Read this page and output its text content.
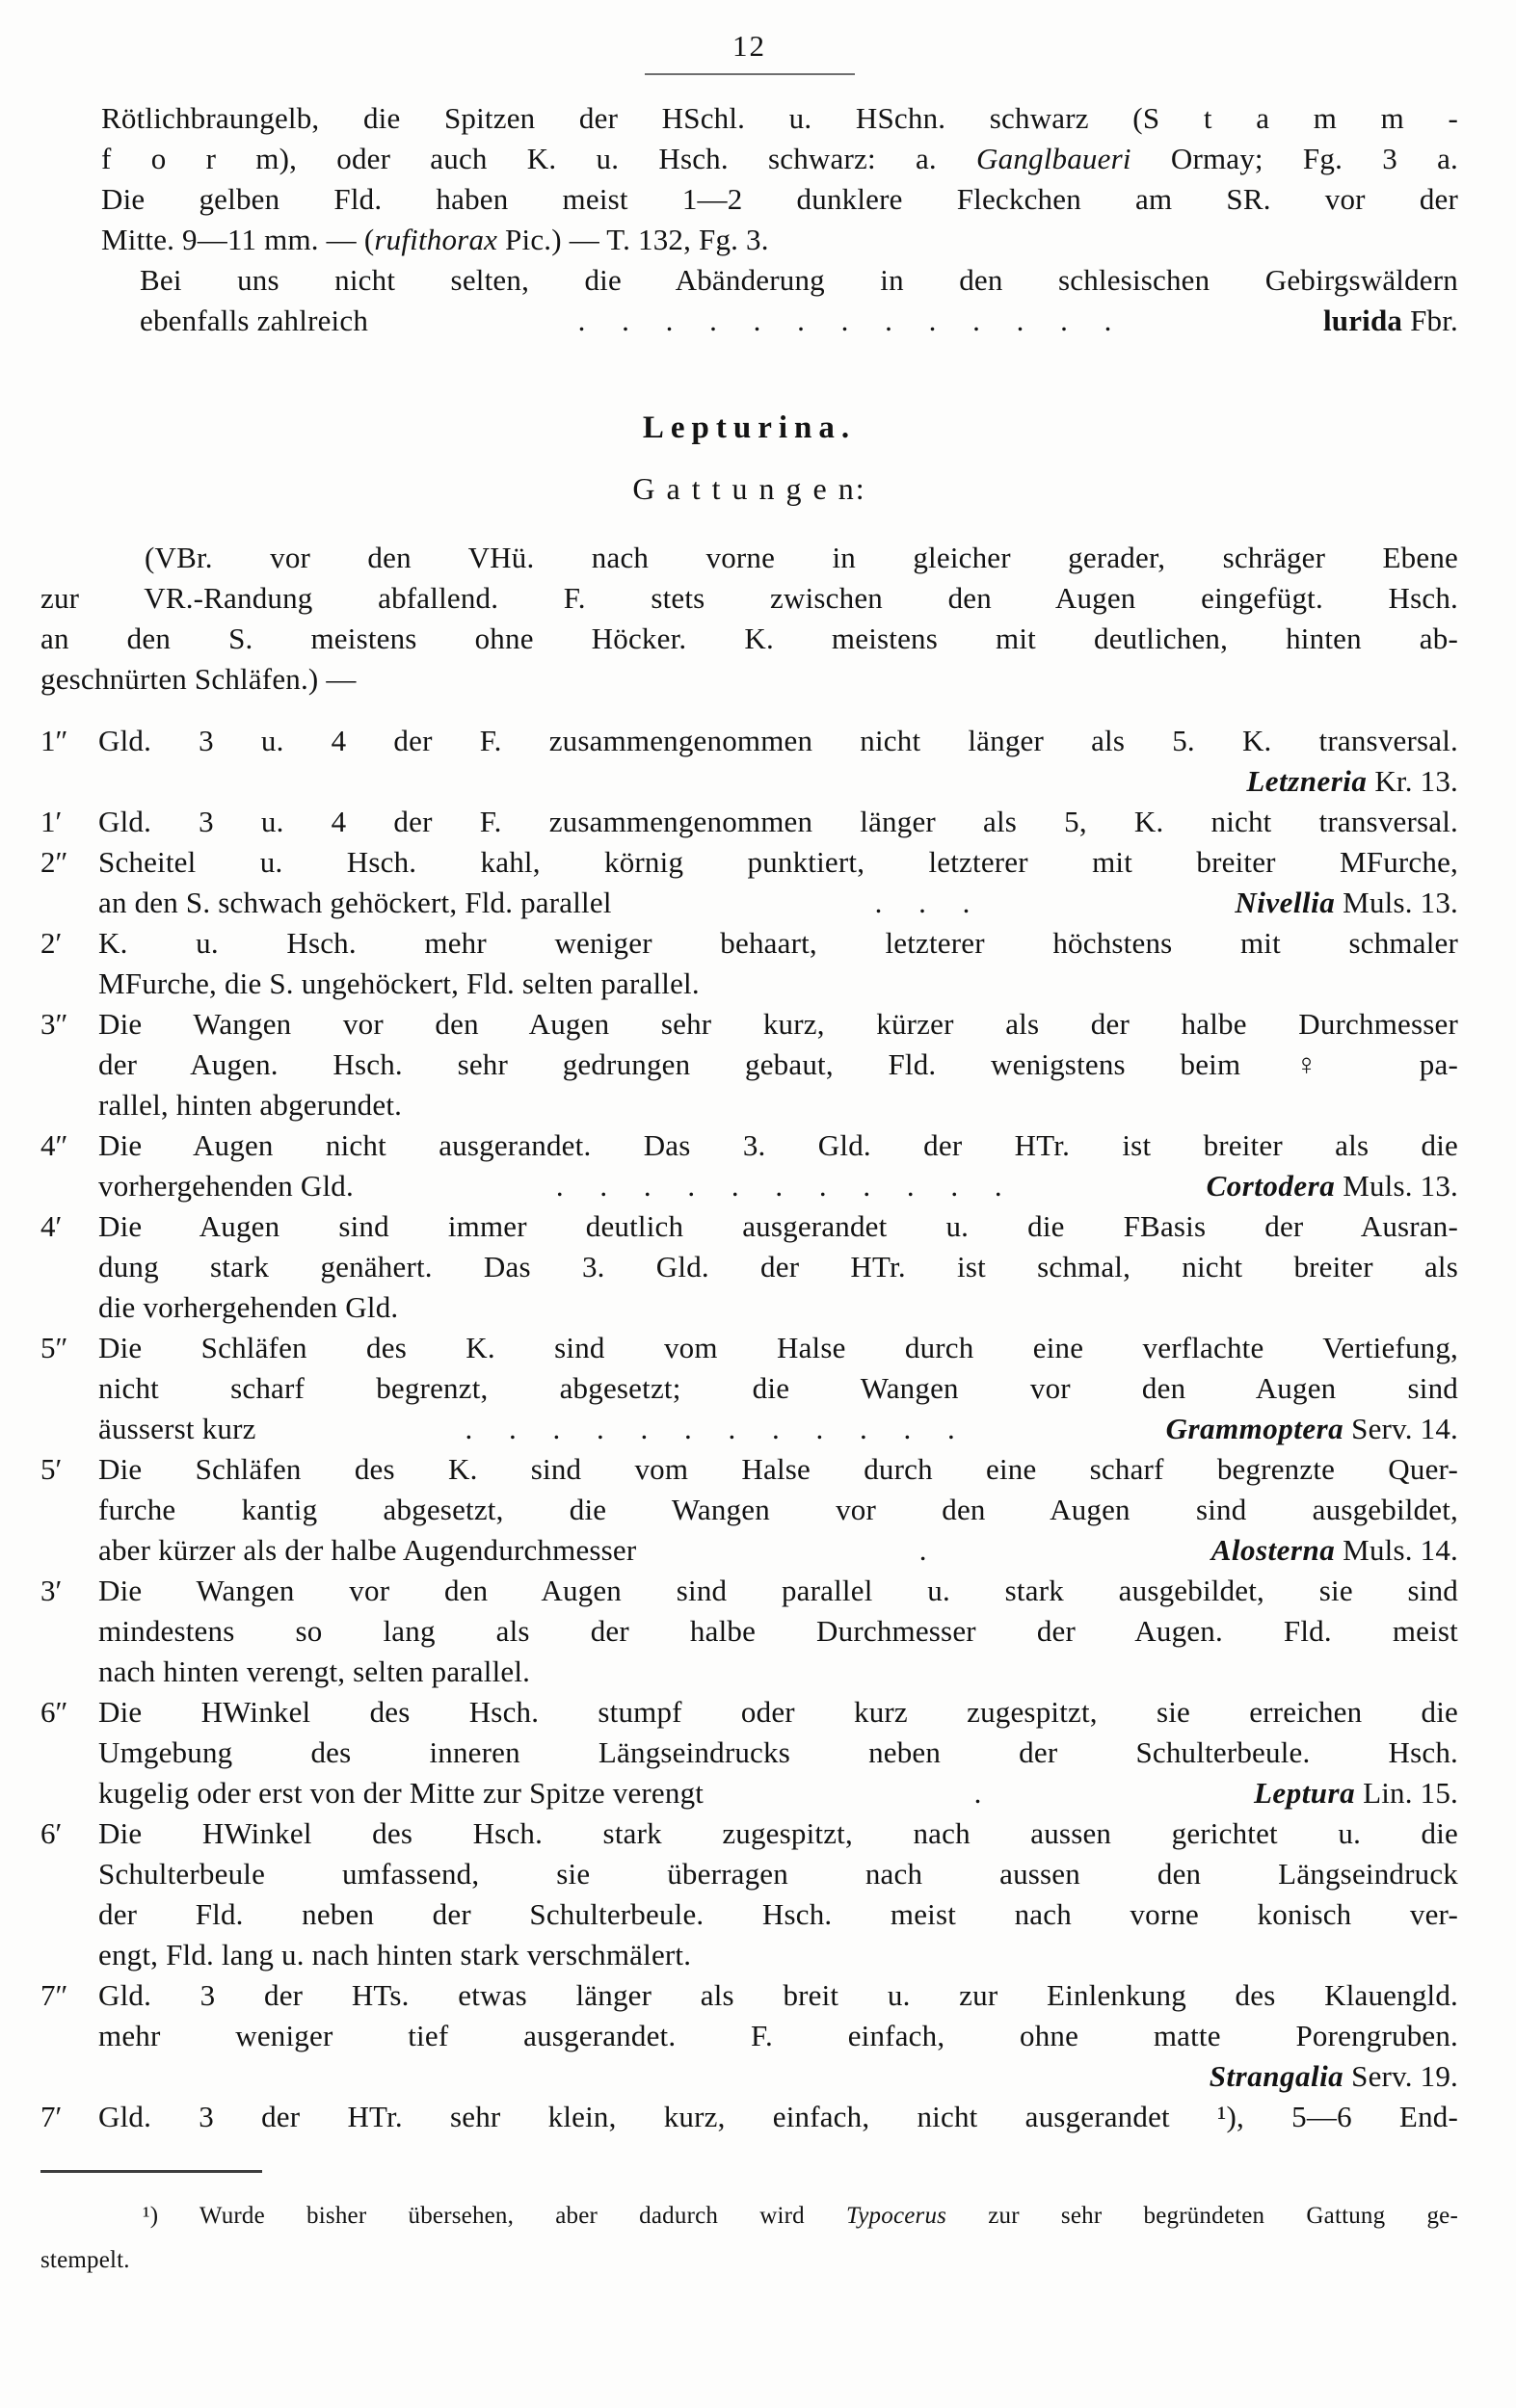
12
Rötlichbraungelb, die Spitzen der HSchl. u. HSchn. schwarz (S t a m m -
f o r m), oder auch K. u. Hsch. schwarz: a. Ganglbaueri Ormay; Fg. 3 a.
Die gelben Fld. haben meist 1—2 dunklere Fleckchen am SR. vor der
Mitte. 9—11 mm. — (rufithorax Pic.) — T. 132, Fg. 3.
Bei uns nicht selten, die Abänderung in den schlesischen Gebirgswäldern
ebenfalls zahlreich	. . . . . . . . . . . . .	lurida Fbr.
Lepturina.
G a t t u n g e n:
(VBr. vor den VHü. nach vorne in gleicher gerader, schräger Ebene
zur VR.-Randung abfallend. F. stets zwischen den Augen eingefügt. Hsch.
an den S. meistens ohne Höcker. K. meistens mit deutlichen, hinten ab-
geschnürten Schläfen.) —
1″ Gld. 3 u. 4 der F. zusammengenommen nicht länger als 5. K. transversal.
Letzneria Kr. 13.
1′ Gld. 3 u. 4 der F. zusammengenommen länger als 5, K. nicht transversal.
2″ Scheitel u. Hsch. kahl, körnig punktiert, letzterer mit breiter MFurche,
an den S. schwach gehöckert, Fld. parallel	. . .	Nivellia Muls. 13.
2′ K. u. Hsch. mehr weniger behaart, letzterer höchstens mit schmaler
MFurche, die S. ungehöckert, Fld. selten parallel.
3″ Die Wangen vor den Augen sehr kurz, kürzer als der halbe Durchmesser
der Augen. Hsch. sehr gedrungen gebaut, Fld. wenigstens beim ♀ pa-
rallel, hinten abgerundet.
4″ Die Augen nicht ausgerandet. Das 3. Gld. der HTr. ist breiter als die
vorhergehenden Gld.	. . . . . . . . . . .	Cortodera Muls. 13.
4′ Die Augen sind immer deutlich ausgerandet u. die FBasis der Ausran-
dung stark genähert. Das 3. Gld. der HTr. ist schmal, nicht breiter als
die vorhergehenden Gld.
5″ Die Schläfen des K. sind vom Halse durch eine verflachte Vertiefung,
nicht scharf begrenzt, abgesetzt; die Wangen vor den Augen sind
äusserst kurz	. . . . . . . . . . . .	Grammoptera Serv. 14.
5′ Die Schläfen des K. sind vom Halse durch eine scharf begrenzte Quer-
furche kantig abgesetzt, die Wangen vor den Augen sind ausgebildet,
aber kürzer als der halbe Augendurchmesser	.	Alosterna Muls. 14.
3′ Die Wangen vor den Augen sind parallel u. stark ausgebildet, sie sind
mindestens so lang als der halbe Durchmesser der Augen. Fld. meist
nach hinten verengt, selten parallel.
6″ Die HWinkel des Hsch. stumpf oder kurz zugespitzt, sie erreichen die
Umgebung des inneren Längseindrucks neben der Schulterbeule. Hsch.
kugelig oder erst von der Mitte zur Spitze verengt	.	Leptura Lin. 15.
6′ Die HWinkel des Hsch. stark zugespitzt, nach aussen gerichtet u. die
Schulterbeule umfassend, sie überragen nach aussen den Längseindruck
der Fld. neben der Schulterbeule. Hsch. meist nach vorne konisch ver-
engt, Fld. lang u. nach hinten stark verschmälert.
7″ Gld. 3 der HTs. etwas länger als breit u. zur Einlenkung des Klauengld.
mehr weniger tief ausgerandet. F. einfach, ohne matte Porengruben.
Strangalia Serv. 19.
7′ Gld. 3 der HTr. sehr klein, kurz, einfach, nicht ausgerandet ¹), 5—6 End-
¹) Wurde bisher übersehen, aber dadurch wird Typocerus zur sehr begründeten Gattung ge-
stempelt.
